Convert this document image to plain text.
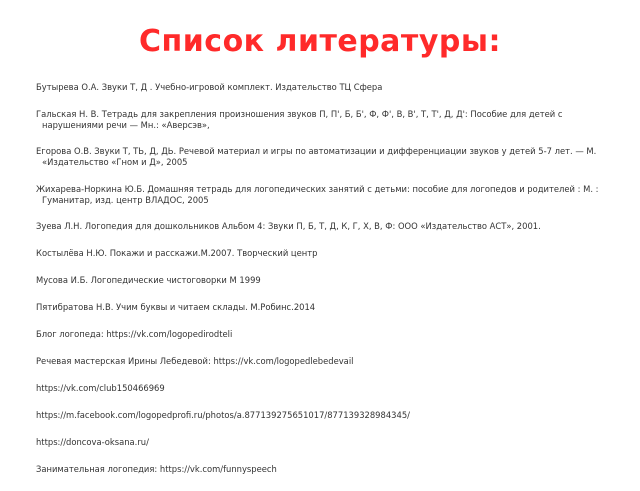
Список литературы:
Бутырева О.А. Звуки Т, Д . Учебно-игровой комплект. Издательство ТЦ Сфера
Гальская Н. В. Тетрадь для закрепления произношения звуков П, П', Б, Б', Ф, Ф', В, В', Т, Т', Д, Д': Пособие для детей с нарушениями речи — Мн.: «Аверсэв»,
Егорова О.В. Звуки Т, ТЬ, Д, ДЬ. Речевой материал и игры по автоматизации и дифференциации звуков у детей 5-7 лет. — М. «Издательство «Гном и Д», 2005
Жихарева-Норкина Ю.Б. Домашняя тетрадь для логопедических занятий с детьми: пособие для логопедов и родителей : М. : Гуманитар, изд. центр ВЛАДОС, 2005
Зуева Л.Н. Логопедия для дошкольников Альбом 4: Звуки П, Б, Т, Д, К, Г, Х, В, Ф: ООО «Издательство АСТ», 2001.
Костылёва Н.Ю. Покажи и расскажи.М.2007. Творческий центр
Мусова И.Б. Логопедические чистоговорки М 1999
Пятибратова Н.В. Учим буквы и читаем склады. М.Робинс.2014
Блог логопеда: https://vk.com/logopedirodteli
Речевая мастерская Ирины Лебедевой: https://vk.com/logopedlebedevail
https://vk.com/club150466969
https://m.facebook.com/logopedprofi.ru/photos/a.877139275651017/877139328984345/
https://doncova-oksana.ru/
Занимательная логопедия: https://vk.com/funnyspeech
